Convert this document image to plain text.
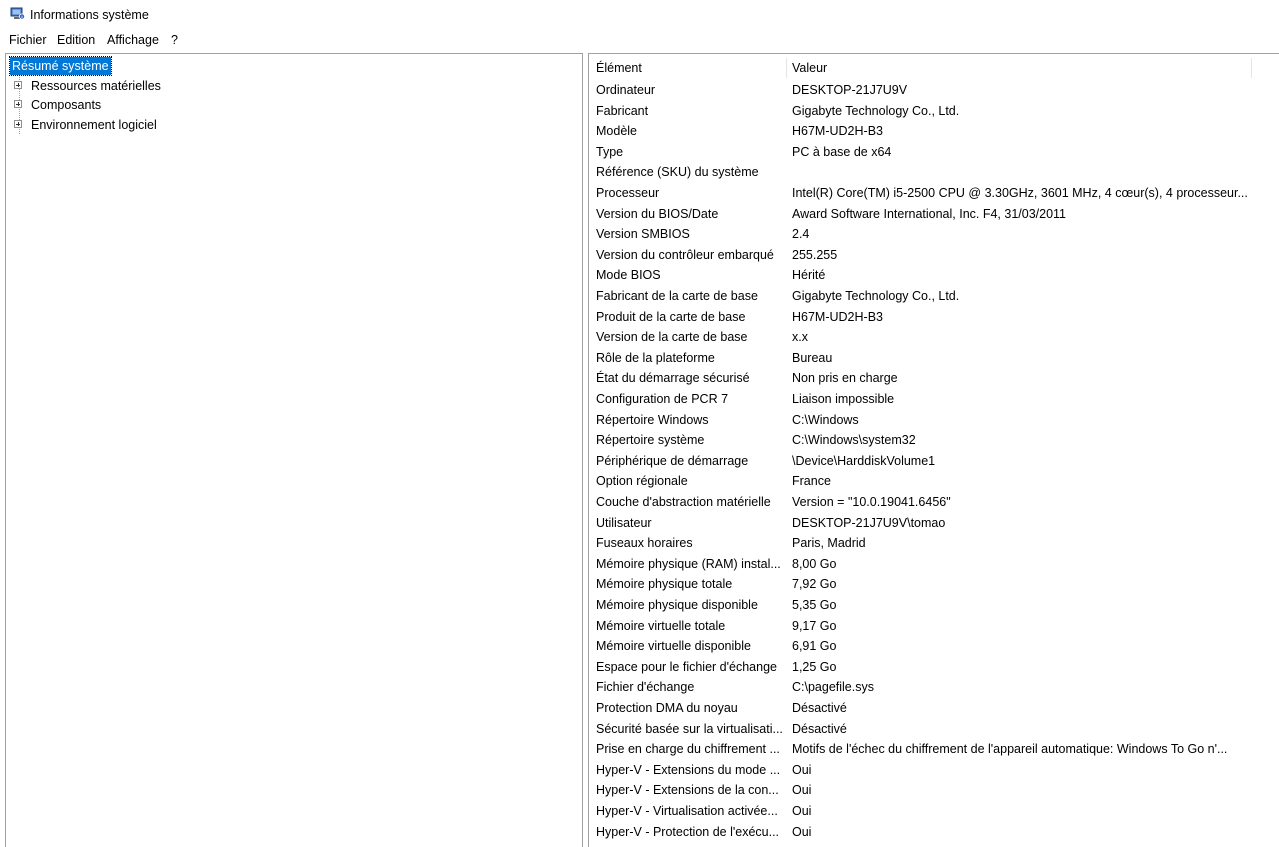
Informations système
Fichier Edition Affichage ?
Résumé système
Ressources matérielles
Composants
Environnement logiciel
Élément	Valeur
Ordinateur	DESKTOP-21J7U9V
Fabricant	Gigabyte Technology Co., Ltd.
Modèle	H67M-UD2H-B3
Type	PC à base de x64
Référence (SKU) du système
Processeur	Intel(R) Core(TM) i5-2500 CPU @ 3.30GHz, 3601 MHz, 4 cœur(s), 4 processeur...
Version du BIOS/Date	Award Software International, Inc. F4, 31/03/2011
Version SMBIOS	2.4
Version du contrôleur embarqué	255.255
Mode BIOS	Hérité
Fabricant de la carte de base	Gigabyte Technology Co., Ltd.
Produit de la carte de base	H67M-UD2H-B3
Version de la carte de base	x.x
Rôle de la plateforme	Bureau
État du démarrage sécurisé	Non pris en charge
Configuration de PCR 7	Liaison impossible
Répertoire Windows	C:\Windows
Répertoire système	C:\Windows\system32
Périphérique de démarrage	\Device\HarddiskVolume1
Option régionale	France
Couche d'abstraction matérielle	Version = "10.0.19041.6456"
Utilisateur	DESKTOP-21J7U9V\tomao
Fuseaux horaires	Paris, Madrid
Mémoire physique (RAM) instal... 8,00 Go
Mémoire physique totale	7,92 Go
Mémoire physique disponible	5,35 Go
Mémoire virtuelle totale	9,17 Go
Mémoire virtuelle disponible	6,91 Go
Espace pour le fichier d'échange	1,25 Go
Fichier d'échange	C:\pagefile.sys
Protection DMA du noyau	Désactivé
Sécurité basée sur la virtualisati... Désactivé
Prise en charge du chiffrement ... Motifs de l'échec du chiffrement de l'appareil automatique: Windows To Go n'...
Hyper-V - Extensions du mode ... Oui
Hyper-V - Extensions de la con...	Oui
Hyper-V - Virtualisation activée...	Oui
Hyper-V - Protection de l'exécu...	Oui
